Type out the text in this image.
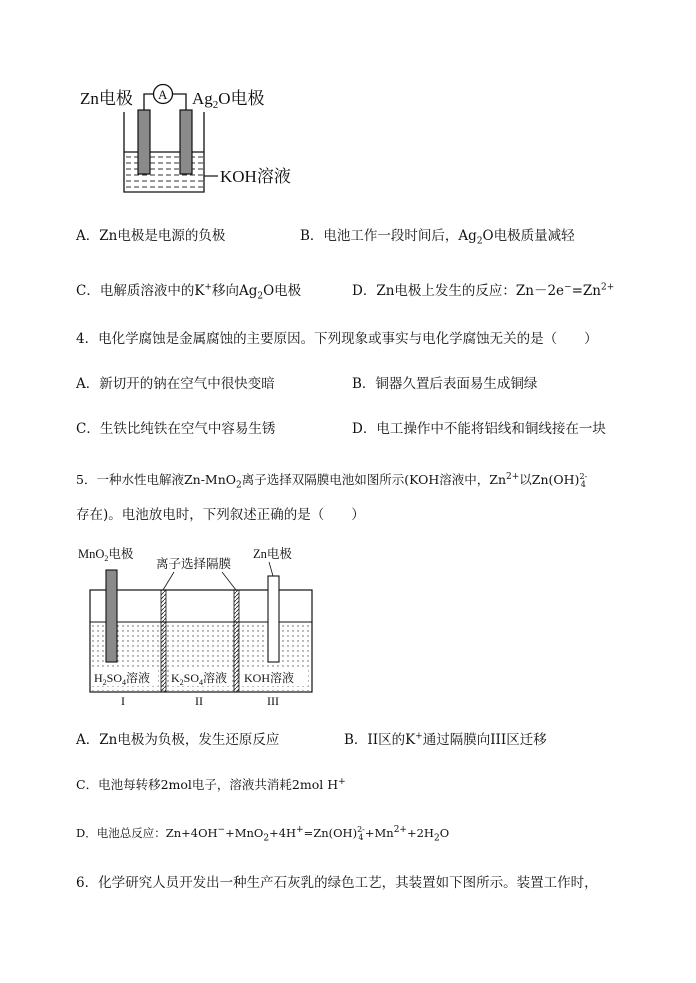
Zn电极	$Ag_2O$电极
A
KOH溶液
A．Zn电极是电源的负极	B．电池工作一段时间后，$Ag_2O$电极质量减轻
C．电解质溶液中的K+移向$Ag_2O$电极	D．Zn电极上发生的反应：$Zn-2e^-=Zn^{2+}$
4．电化学腐蚀是金属腐蚀的主要原因。下列现象或事实与电化学腐蚀无关的是（　　）
A．新切开的钠在空气中很快变暗	B．铜器久置后表面易生成铜绿
C．生铁比纯铁在空气中容易生锈	D．电工操作中不能将铝线和铜线接在一块
5．一种水性电解液Zn-MnO$_2$离子选择双隔膜电池如图所示(KOH溶液中，$Zn^{2+}$以Zn(OH) 2-
4
存在)。电池放电时，下列叙述正确的是（　　）
MnO$_2$电极
离子选择隔膜
Zn电极
$H_2SO_4$溶液 $K_2SO_4$溶液 KOH溶液
I	II	III
A．Zn电极为负极，发生还原反应	B．II区的K+通过隔膜向III区迁移
C．电池每转移2mol电子，溶液共消耗2mol H+
D．电池总反应：Zn+4OH−+MnO$_2$+4H+=Zn(OH) 2-
$4 +Mn^{2+}+2H_2O$
6．化学研究人员开发出一种生产石灰乳的绿色工艺，其装置如下图所示。装置工作时，
